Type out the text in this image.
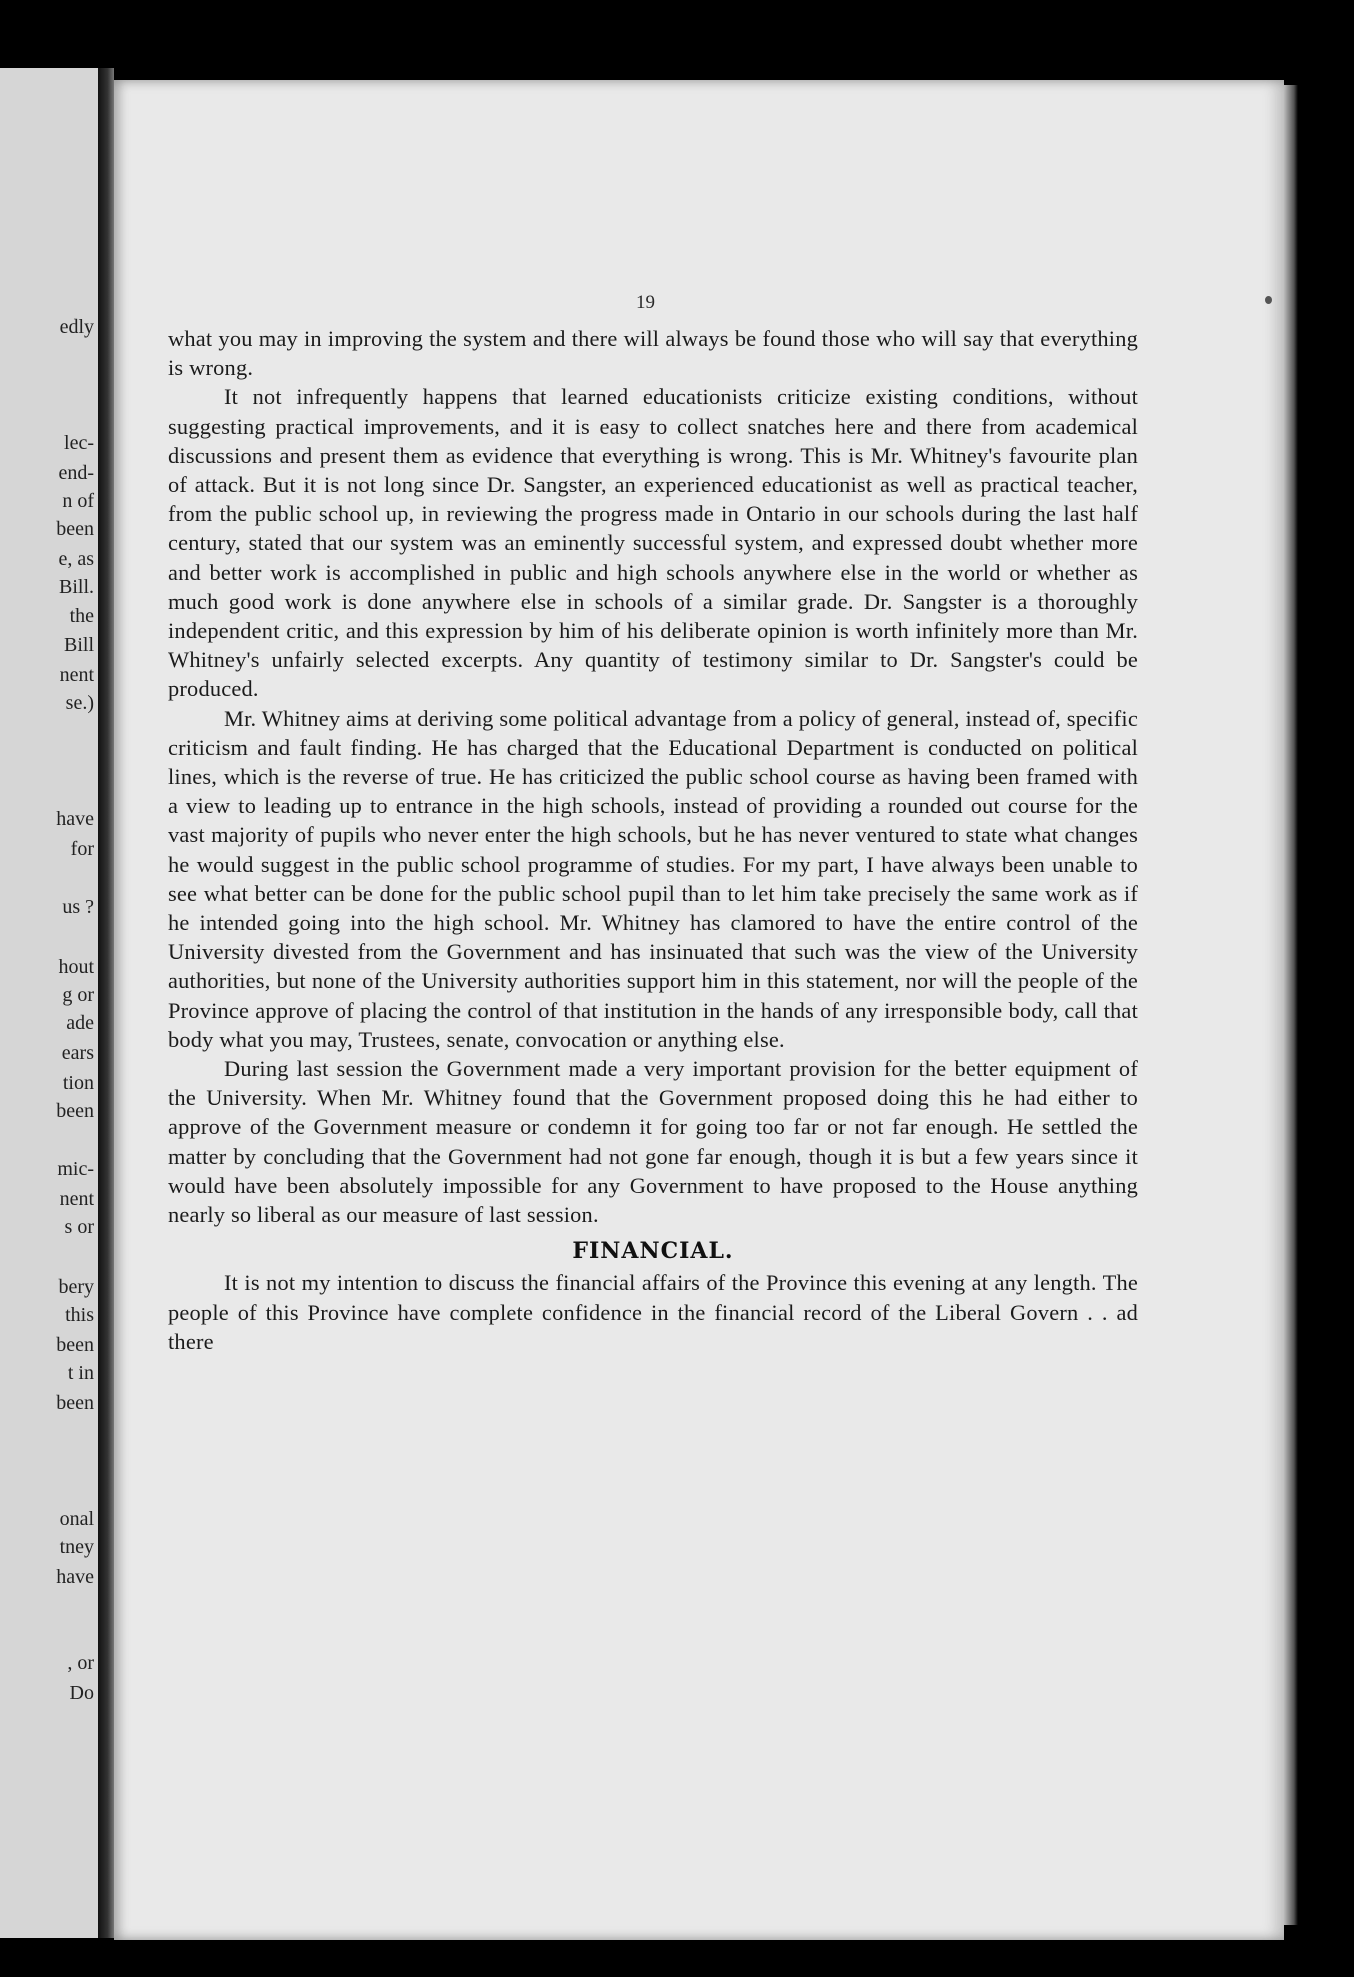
edly
lec-
end-
n of
been
e, as
Bill.
the
Bill
nent
se.)
have
for
us ?
hout
g or
ade
ears
tion
been
mic-
nent
s or
bery
this
been
t in
been
onal
tney
have
, or
Do
19

what you may in improving the system and there will always be found those who will say that everything is wrong.

It not infrequently happens that learned educationists criticize existing conditions, without suggesting practical improvements, and it is easy to collect snatches here and there from academical discussions and present them as evidence that everything is wrong. This is Mr. Whitney's favourite plan of attack. But it is not long since Dr. Sangster, an experienced educationist as well as practical teacher, from the public school up, in reviewing the progress made in Ontario in our schools during the last half century, stated that our system was an eminently successful system, and expressed doubt whether more and better work is accomplished in public and high schools anywhere else in the world or whether as much good work is done anywhere else in schools of a similar grade. Dr. Sangster is a thoroughly independent critic, and this expression by him of his deliberate opinion is worth infinitely more than Mr. Whitney's unfairly selected excerpts. Any quantity of testimony similar to Dr. Sangster's could be produced.

Mr. Whitney aims at deriving some political advantage from a policy of general, instead of, specific criticism and fault finding. He has charged that the Educational Department is conducted on political lines, which is the reverse of true. He has criticized the public school course as having been framed with a view to leading up to entrance in the high schools, instead of providing a rounded out course for the vast majority of pupils who never enter the high schools, but he has never ventured to state what changes he would suggest in the public school programme of studies. For my part, I have always been unable to see what better can be done for the public school pupil than to let him take precisely the same work as if he intended going into the high school. Mr. Whitney has clamored to have the entire control of the University divested from the Government and has insinuated that such was the view of the University authorities, but none of the University authorities support him in this statement, nor will the people of the Province approve of placing the control of that institution in the hands of any irresponsible body, call that body what you may, Trustees, senate, convocation or anything else.

During last session the Government made a very important provision for the better equipment of the University. When Mr. Whitney found that the Government proposed doing this he had either to approve of the Government measure or condemn it for going too far or not far enough. He settled the matter by concluding that the Government had not gone far enough, though it is but a few years since it would have been absolutely impossible for any Government to have proposed to the House anything nearly so liberal as our measure of last session.

FINANCIAL.

It is not my intention to discuss the financial affairs of the Province this evening at any length. The people of this Province have complete confidence in the financial record of the Liberal Govern . . ad there
